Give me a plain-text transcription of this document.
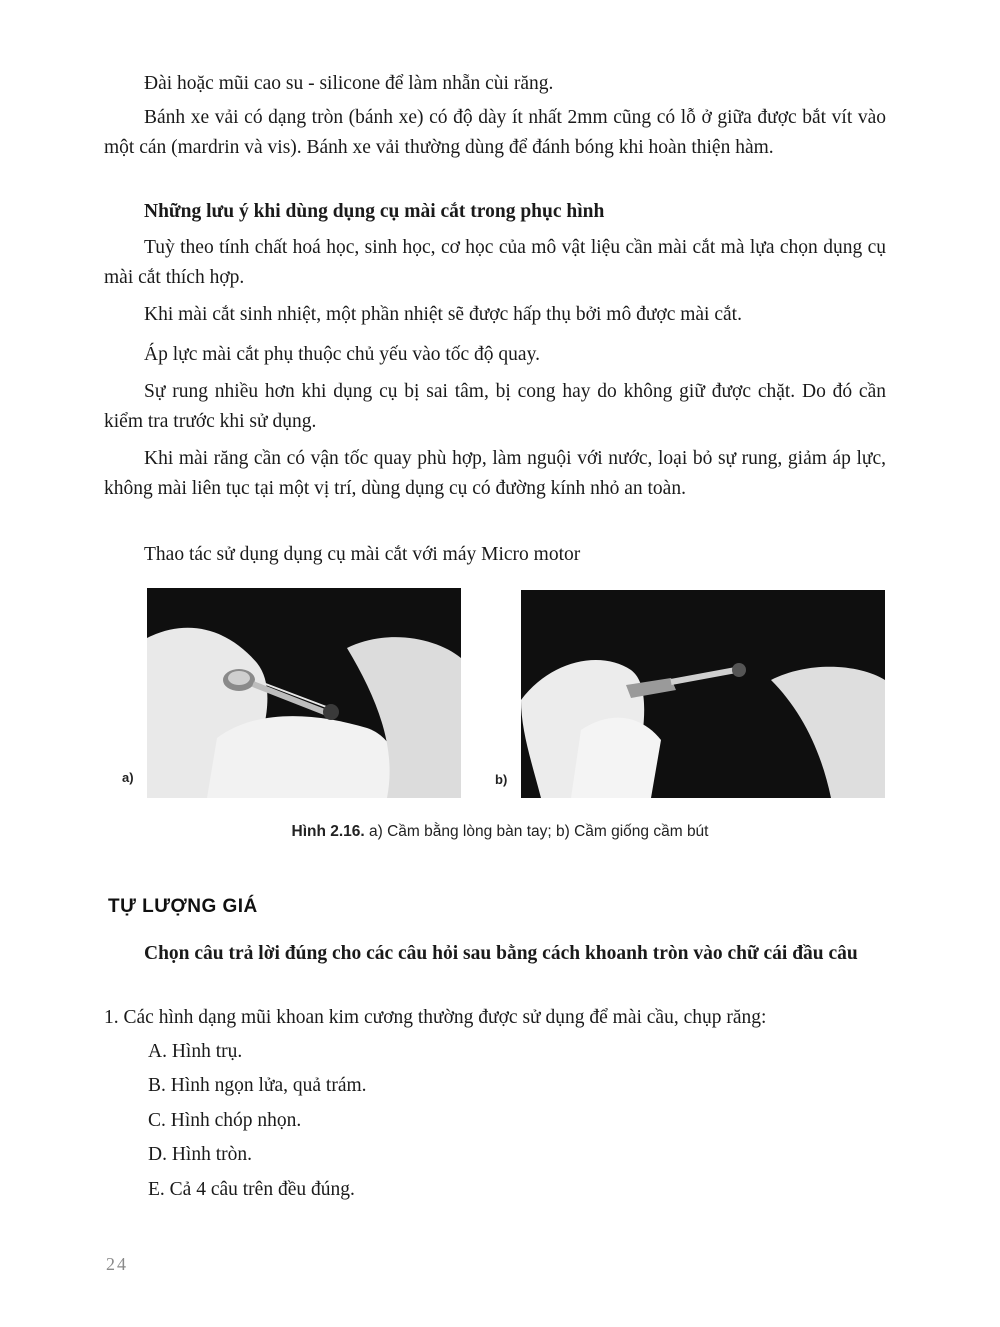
Đài hoặc mũi cao su - silicone để làm nhẵn cùi răng.

Bánh xe vải có dạng tròn (bánh xe) có độ dày ít nhất 2mm cũng có lỗ ở giữa được bắt vít vào một cán (mardrin và vis). Bánh xe vải thường dùng để đánh bóng khi hoàn thiện hàm.

Những lưu ý khi dùng dụng cụ mài cắt trong phục hình

Tuỳ theo tính chất hoá học, sinh học, cơ học của mô vật liệu cần mài cắt mà lựa chọn dụng cụ mài cắt thích hợp.

Khi mài cắt sinh nhiệt, một phần nhiệt sẽ được hấp thụ bởi mô được mài cắt.

Áp lực mài cắt phụ thuộc chủ yếu vào tốc độ quay.

Sự rung nhiều hơn khi dụng cụ bị sai tâm, bị cong hay do không giữ được chặt. Do đó cần kiểm tra trước khi sử dụng.

Khi mài răng cần có vận tốc quay phù hợp, làm nguội với nước, loại bỏ sự rung, giảm áp lực, không mài liên tục tại một vị trí, dùng dụng cụ có đường kính nhỏ an toàn.

Thao tác sử dụng dụng cụ mài cắt với máy Micro motor

a)	b)
Hình 2.16. a) Cầm bằng lòng bàn tay; b) Cầm giống cầm bút
TỰ LƯỢNG GIÁ

Chọn câu trả lời đúng cho các câu hỏi sau bằng cách khoanh tròn vào chữ cái đầu câu

1. Các hình dạng mũi khoan kim cương thường được sử dụng để mài cầu, chụp răng:

A. Hình trụ.
B. Hình ngọn lửa, quả trám.
C. Hình chóp nhọn.
D. Hình tròn.
E. Cả 4 câu trên đều đúng.
24
